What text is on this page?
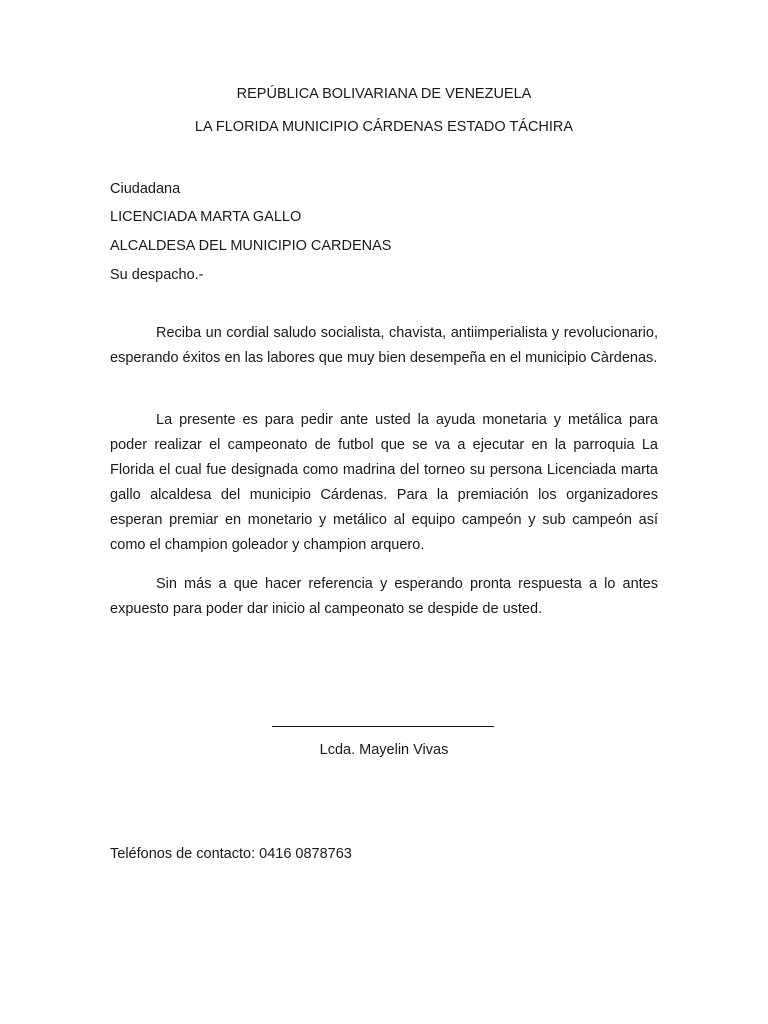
REPÚBLICA BOLIVARIANA DE VENEZUELA
LA FLORIDA MUNICIPIO CÁRDENAS ESTADO TÁCHIRA
Ciudadana
LICENCIADA MARTA GALLO
ALCALDESA DEL MUNICIPIO CARDENAS
Su despacho.-

Reciba un cordial saludo socialista, chavista, antiimperialista y revolucionario, esperando éxitos en las labores que muy bien desempeña en el municipio Càrdenas.

La presente es para pedir ante usted la ayuda monetaria y metálica para poder realizar el campeonato de futbol que se va a ejecutar en la parroquia La Florida el cual fue designada como madrina del torneo su persona Licenciada marta gallo alcaldesa del municipio Cárdenas. Para la premiación los organizadores esperan premiar en monetario y metálico al equipo campeón y sub campeón así como el champion goleador y champion arquero.

Sin más a que hacer referencia y esperando pronta respuesta a lo antes expuesto para poder dar inicio al campeonato se despide de usted.

Lcda. Mayelin Vivas
Teléfonos de contacto: 0416 0878763
